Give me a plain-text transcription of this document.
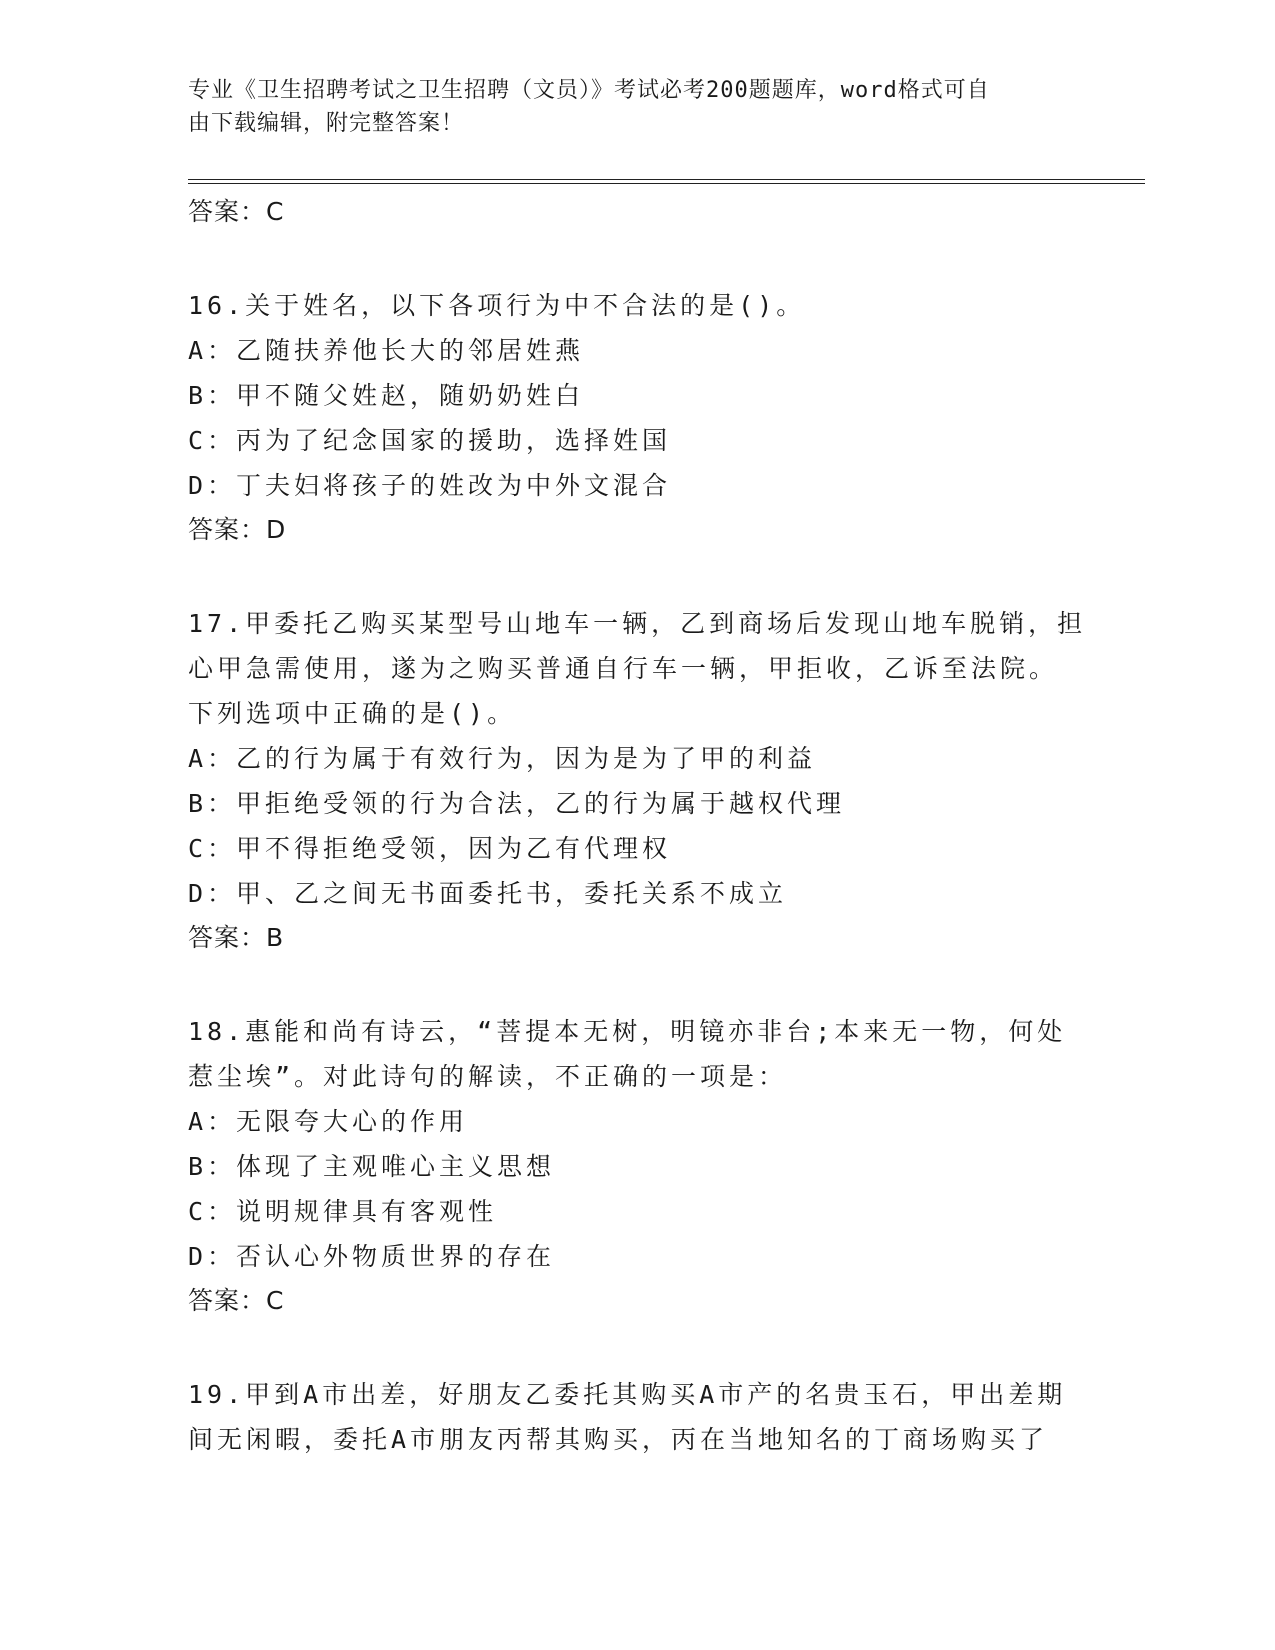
专业《卫生招聘考试之卫生招聘（文员）》考试必考200题题库，word格式可自
由下载编辑，附完整答案！
答案：C
16.关于姓名，以下各项行为中不合法的是()。
A：乙随扶养他长大的邻居姓燕
B：甲不随父姓赵，随奶奶姓白
C：丙为了纪念国家的援助，选择姓国
D：丁夫妇将孩子的姓改为中外文混合
答案：D
17.甲委托乙购买某型号山地车一辆，乙到商场后发现山地车脱销，担
心甲急需使用，遂为之购买普通自行车一辆，甲拒收，乙诉至法院。
下列选项中正确的是()。
A：乙的行为属于有效行为，因为是为了甲的利益
B：甲拒绝受领的行为合法，乙的行为属于越权代理
C：甲不得拒绝受领，因为乙有代理权
D：甲、乙之间无书面委托书，委托关系不成立
答案：B
18.惠能和尚有诗云，“菩提本无树，明镜亦非台;本来无一物，何处
惹尘埃”。对此诗句的解读，不正确的一项是：
A：无限夸大心的作用
B：体现了主观唯心主义思想
C：说明规律具有客观性
D：否认心外物质世界的存在
答案：C
19.甲到A市出差，好朋友乙委托其购买A市产的名贵玉石，甲出差期
间无闲暇，委托A市朋友丙帮其购买，丙在当地知名的丁商场购买了
